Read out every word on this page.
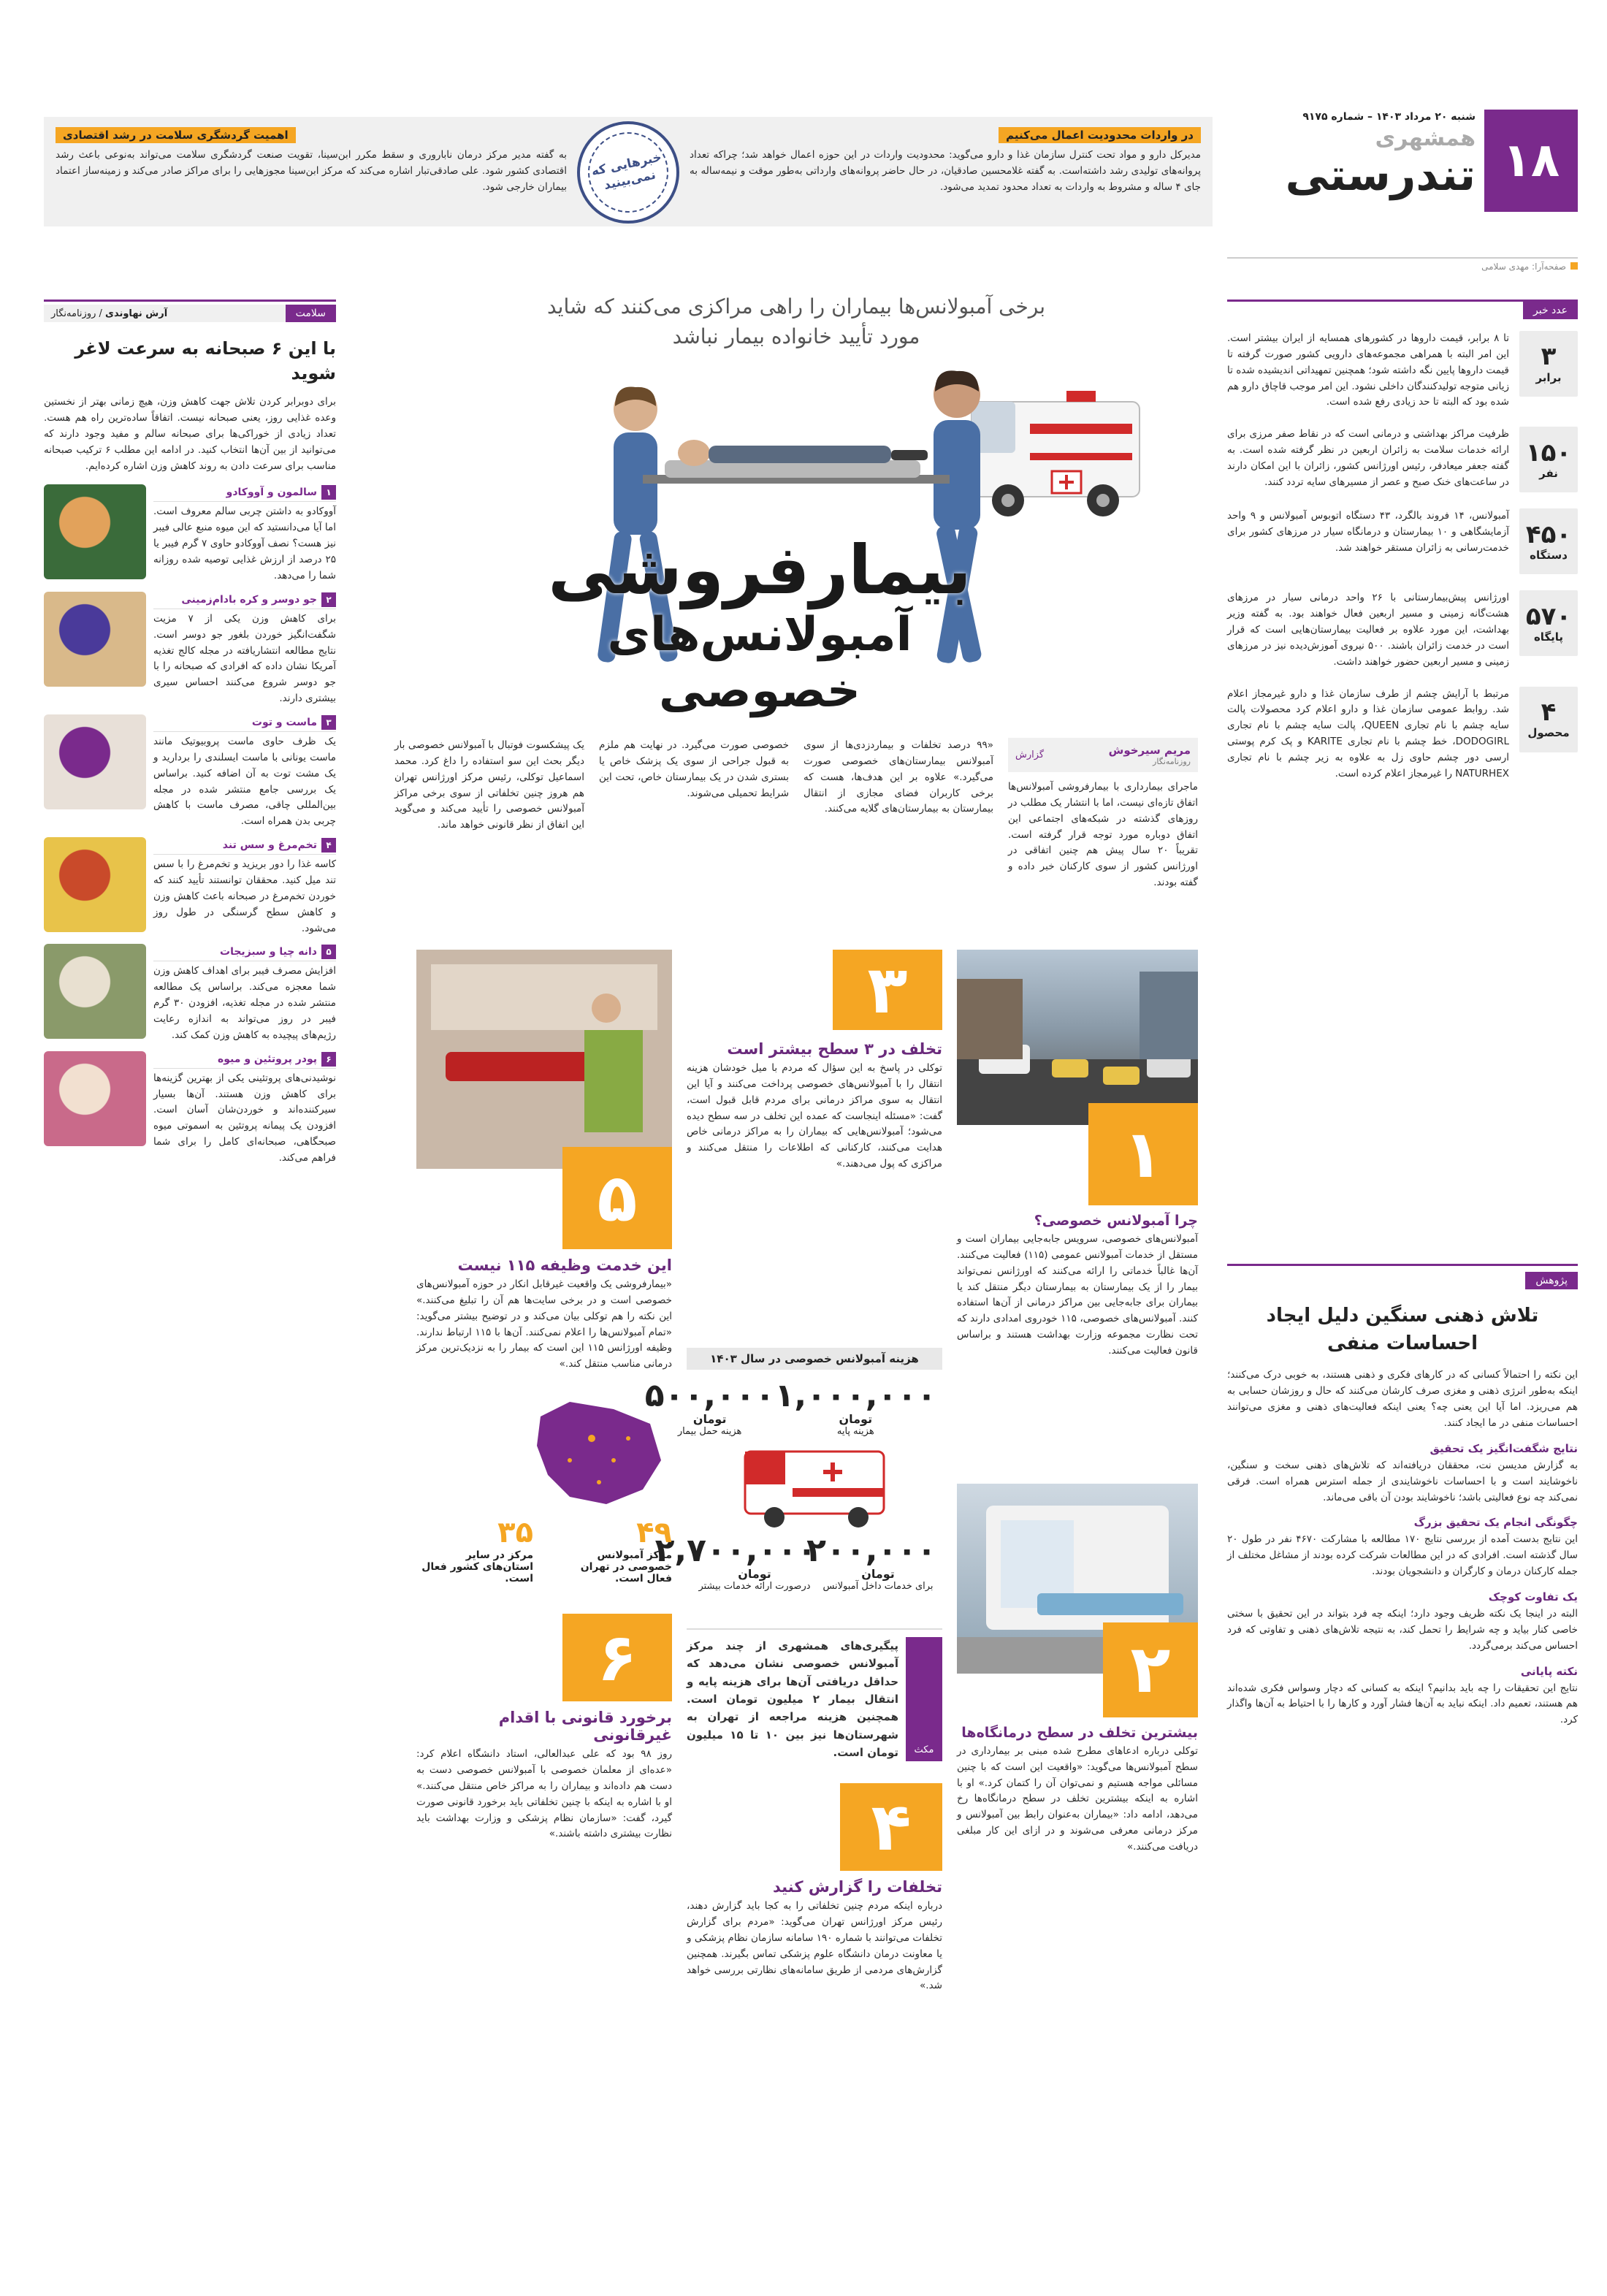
۱۸
شنبه ۲۰ مرداد ۱۴۰۳ – شماره ۹۱۷۵
همشهری
تندرستی
صفحه‌آرا: مهدی سلامی
در واردات محدودیت اعمال می‌کنیم

مدیرکل دارو و مواد تحت کنترل سازمان غذا و دارو می‌گوید: محدودیت واردات در این حوزه اعمال خواهد شد؛ چراکه تعداد پروانه‌های تولیدی رشد داشته‌است. به گفته غلامحسین صادقیان، در حال حاضر پروانه‌های وارداتی به‌طور موقت و نیمه‌ساله به جای ۴ ساله و مشروط به واردات به تعداد محدود تمدید می‌شود.

خبرهایی که نمی‌بینید
اهمیت گردشگری سلامت در رشد اقتصادی

به گفته مدیر مرکز درمان ناباروری و سقط مکرر ابن‌سینا، تقویت صنعت گردشگری سلامت می‌تواند به‌نوعی باعث رشد اقتصادی کشور شود. علی صادقی‌تبار اشاره می‌کند که مرکز ابن‌سینا مجوزهایی را برای مراکز صادر می‌کند و زمینه‌ساز اعتماد بیماران خارجی شود.

عدد خبر
۳
برابر

تا ۸ برابر، قیمت داروها در کشورهای همسایه از ایران بیشتر است. این امر البته با همراهی مجموعه‌های دارویی کشور صورت گرفته تا قیمت داروها پایین نگه داشته شود؛ همچنین تمهیداتی اندیشیده شده تا زیانی متوجه تولیدکنندگان داخلی نشود. این امر موجب قاچاق دارو هم شده بود که البته تا حد زیادی رفع شده است.

۱۵۰
نفر

ظرفیت مراکز بهداشتی و درمانی است که در نقاط صفر مرزی برای ارائه خدمات سلامت به زائران اربعین در نظر گرفته شده است. به گفته جعفر میعادفر، رئیس اورژانس کشور، زائران با این امکان دارند در ساعت‌های خنک صبح و عصر از مسیرهای سایه تردد کنند.

۴۵۰
دستگاه

آمبولانس، ۱۴ فروند بالگرد، ۴۳ دستگاه اتوبوس آمبولانس و ۹ واحد آزمایشگاهی و ۱۰ بیمارستان و درمانگاه سیار در مرزهای کشور برای خدمت‌رسانی به زائران مستقر خواهند شد.

۵۷۰
پایگاه

اورژانس پیش‌بیمارستانی با ۲۶ واحد درمانی سیار در مرزهای هشت‌گانه زمینی و مسیر اربعین فعال خواهند بود. به گفته وزیر بهداشت، این مورد علاوه بر فعالیت بیمارستان‌هایی است که قرار است در خدمت زائران باشند. ۵۰۰ نیروی آموزش‌دیده نیز در مرزهای زمینی و مسیر اربعین حضور خواهند داشت.

۴
محصول

مرتبط با آرایش چشم از طرف سازمان غذا و دارو غیرمجاز اعلام شد. روابط عمومی سازمان غذا و دارو اعلام کرد محصولات پالت سایه چشم با نام تجاری QUEEN، پالت سایه چشم با نام تجاری DODOGIRL، خط چشم با نام تجاری KARITE و پک کرم پوستی ارسی دور چشم حاوی زل به علاوه به زیر چشم با نام تجاری NATURHEX را غیرمجاز اعلام کرده است.

پژوهش
تلاش ذهنی سنگین دلیل ایجاد احساسات منفی

این نکته را احتمالاً کسانی که در کارهای فکری و ذهنی هستند، به خوبی درک می‌کنند؛ اینکه به‌طور انرژی ذهنی و مغزی صرف کارشان می‌کنند که حال و روزشان حسابی به هم می‌ریزد. اما آیا این یعنی چه؟ یعنی اینکه فعالیت‌های ذهنی و مغزی می‌توانند احساسات منفی در ما ایجاد کنند.

نتایج شگفت‌انگیز یک تحقیق

به گزارش مدیسن نت، محققان دریافته‌اند که تلاش‌های ذهنی سخت و سنگین، ناخوشایند است و با احساسات ناخوشایندی از جمله استرس همراه است. فرقی نمی‌کند چه نوع فعالیتی باشد؛ ناخوشایند بودن آن باقی می‌ماند.

چگونگی انجام یک تحقیق بزرگ

این نتایج بدست آمده از بررسی نتایج ۱۷۰ مطالعه با مشارکت ۴۶۷۰ نفر در طول ۲۰ سال گذشته است. افرادی که در این مطالعات شرکت کرده بودند از مشاغل مختلف از جمله کارکنان درمان و کارگران و دانشجویان بودند.

یک تفاوت کوچک

البته در اینجا یک نکته ظریف وجود دارد؛ اینکه چه فرد بتواند در این تحقیق با سختی خاصی کنار بیاید و چه شرایط را تحمل کند، به نتیجه تلاش‌های ذهنی و تفاوتی که فرد احساس می‌کند برمی‌گردد.

نکته پایانی

نتایج این تحقیقات را چه باید بدانیم؟ اینکه به کسانی که دچار وسواس فکری شده‌اند هم هستند، تعمیم داد. اینکه نباید به آن‌ها فشار آورد و کارها را با احتیاط به آن‌ها واگذار کرد.

برخی آمبولانس‌ها بیماران را راهی مراکزی می‌کنند که شاید مورد تأیید خانواده بیمار نباشد
بیمارفروشی
آمبولانس‌های خصوصی
مریم سیرخوش
روزنامه‌نگار
گزارش

ماجرای بیمارداری با بیمارفروشی آمبولانس‌ها اتفاق تازه‌ای نیست، اما با انتشار یک مطلب در روزهای گذشته در شبکه‌های اجتماعی این اتفاق دوباره مورد توجه قرار گرفته است. تقریباً ۲۰ سال پیش هم چنین اتفاقی در اورژانس کشور از سوی کارکنان خبر داده و گفته بودند.

«۹۹ درصد تخلفات و بیماردزدی‌ها از سوی آمبولانس بیمارستان‌های خصوصی صورت می‌گیرد.» علاوه بر این هدف‌ها، هست که برخی کاربران فضای مجازی از انتقال بیمارستان به بیمارستان‌های گلایه می‌کنند.

خصوصی صورت می‌گیرد. در نهایت هم ملزم به قبول جراحی از سوی یک پزشک خاص یا بستری شدن در یک بیمارستان خاص، تحت این شرایط تحمیلی می‌شوند.

یک پیشکسوت فوتبال با آمبولانس خصوصی بار دیگر بحث این سو استفاده را داغ کرد. محمد اسماعیل توکلی، رئیس مرکز اورژانس تهران هم هروز چنین تخلفاتی از سوی برخی مراکز آمبولانس خصوصی را تأیید می‌کند و می‌گوید این اتفاق از نظر قانونی خواهد ماند.

۱
چرا آمبولانس خصوصی؟

آمبولانس‌های خصوصی، سرویس جابه‌جایی بیماران است و مستقل از خدمات آمبولانس عمومی (۱۱۵) فعالیت می‌کنند. آن‌ها غالباً خدماتی را ارائه می‌کنند که اورژانس نمی‌تواند بیمار را از یک بیمارستان به بیمارستان دیگر منتقل کند یا بیماران برای جابه‌جایی بین مراکز درمانی از آن‌ها استفاده کنند. آمبولانس‌های خصوصی، ۱۱۵ خودروی امدادی دارند که تحت نظارت مجموعه وزارت بهداشت هستند و براساس قانون فعالیت می‌کنند.

۲
بیشترین تخلف در سطح درمانگاه‌ها

توکلی درباره ادعاهای مطرح شده مبنی بر بیمارداری در سطح آمبولانس‌ها می‌گوید: «واقعیت این است که با چنین مسائلی مواجه هستیم و نمی‌توان آن را کتمان کرد.» او با اشاره به اینکه بیشترین تخلف در سطح درمانگاه‌ها رخ می‌دهد، ادامه داد: «بیماران به‌عنوان رابط بین آمبولانس و مرکز درمانی معرفی می‌شوند و در ازای این کار مبلغی دریافت می‌کنند.»

۳
تخلف در ۳ سطح بیشتر است

توکلی در پاسخ به این سؤال که مردم با میل خودشان هزینه انتقال را با آمبولانس‌های خصوصی پرداخت می‌کنند و آیا این انتقال به سوی مراکز درمانی برای مردم قابل قبول است، گفت: «مسئله اینجاست که عمده این تخلف در سه سطح دیده می‌شود؛ آمبولانس‌هایی که بیماران را به مراکز درمانی خاص هدایت می‌کنند، کارکنانی که اطلاعات را منتقل می‌کنند و مراکزی که پول می‌دهند.»

هزینه آمبولانس خصوصی در سال ۱۴۰۳
۱,۰۰۰,۰۰۰ تومان
هزینه پایه
۵۰۰,۰۰۰ تومان
هزینه حمل بیمار
۲۰۰,۰۰۰ تومان
برای خدمات داخل آمبولانس
۲,۷۰۰,۰۰۰ تومان
درصورت ارائه خدمات بیشتر
مکث

پیگیری‌های همشهری از چند مرکز آمبولانس خصوصی نشان می‌دهد که حداقل دریافتی آن‌ها برای هزینه پایه و انتقال بیمار ۲ میلیون تومان است. همچنین هزینه مراجعه از تهران به شهرستان‌ها نیز بین ۱۰ تا ۱۵ میلیون تومان است.

۴
تخلفات را گزارش کنید

درباره اینکه مردم چنین تخلفاتی را به کجا باید گزارش دهند، رئیس مرکز اورژانس تهران می‌گوید: «مردم برای گزارش تخلفات می‌توانند با شماره ۱۹۰ سامانه سازمان نظام پزشکی و یا معاونت درمان دانشگاه علوم پزشکی تماس بگیرند. همچنین گزارش‌های مردمی از طریق سامانه‌های نظارتی بررسی خواهد شد.»

۵
این خدمت وظیفه ۱۱۵ نیست

«بیمارفروشی یک واقعیت غیرقابل انکار در حوزه آمبولانس‌های خصوصی است و در برخی سایت‌ها هم آن را تبلیغ می‌کنند.» این نکته را هم توکلی بیان می‌کند و در توضیح بیشتر می‌گوید: «تمام آمبولانس‌ها را اعلام نمی‌کنند. آن‌ها با ۱۱۵ ارتباط ندارند. وظیفه اورژانس ۱۱۵ این است که بیمار را به نزدیک‌ترین مرکز درمانی مناسب منتقل کند.»

۴۹
مرکز آمبولانس خصوصی در تهران فعال است.
۳۵
مرکز در سایر استان‌های کشور فعال است.
۶
برخورد قانونی با اقدام غیرقانونی

روز ۹۸ بود که علی عبدالعالی، استاد دانشگاه اعلام کرد: «عده‌ای از معلمان خصوصی با آمبولانس خصوصی دست به دست هم داده‌اند و بیماران را به مراکز خاص منتقل می‌کنند.» او با اشاره به اینکه با چنین تخلفاتی باید برخورد قانونی صورت گیرد، گفت: «سازمان نظام پزشکی و وزارت بهداشت باید نظارت بیشتری داشته باشند.»

سلامت
آرش نهاوندی / روزنامه‌نگار
با این ۶ صبحانه به سرعت لاغر شوید

برای دوبرابر کردن تلاش جهت کاهش وزن، هیچ زمانی بهتر از نخستین وعده غذایی روز، یعنی صبحانه نیست. اتفاقاً ساده‌ترین راه هم هست. تعداد زیادی از خوراکی‌ها برای صبحانه سالم و مفید وجود دارند که می‌توانید از بین آن‌ها انتخاب کنید. در ادامه این مطلب ۶ ترکیب صبحانه مناسب برای سرعت دادن به روند کاهش وزن اشاره کرده‌ایم.

۱
سالمون و آووکادو

آووکادو به داشتن چربی سالم معروف است. اما آیا می‌دانستید که این میوه منبع عالی فیبر نیز هست؟ نصف آووکادو حاوی ۷ گرم فیبر یا ۲۵ درصد از ارزش غذایی توصیه شده روزانه شما را می‌دهد.

۲
جو دوسر و کره بادام‌زمینی

برای کاهش وزن یکی از ۷ مزیت شگفت‌انگیز خوردن بلغور جو دوسر است. نتایج مطالعه انتشاریافته در مجله کالج تغذیه آمریکا نشان داده که افرادی که صبحانه را با جو دوسر شروع می‌کنند احساس سیری بیشتری دارند.

۳
ماست و توت

یک ظرف حاوی ماست پروبیوتیک مانند ماست یونانی با ماست ایسلندی را بردارید و یک مشت توت به آن اضافه کنید. براساس یک بررسی جامع منتشر شده در مجله بین‌المللی چاقی، مصرف ماست با کاهش چربی بدن همراه است.

۴
تخم‌مرغ و سس تند

کاسه غذا را دور بریزید و تخم‌مرغ را با سس تند میل کنید. محققان توانستند تأیید کنند که خوردن تخم‌مرغ در صبحانه باعث کاهش وزن و کاهش سطح گرسنگی در طول روز می‌شود.

۵
دانه چیا و سبزیجات

افزایش مصرف فیبر برای اهداف کاهش وزن شما معجزه می‌کند. براساس یک مطالعه منتشر شده در مجله تغذیه، افزودن ۳۰ گرم فیبر در روز می‌تواند به اندازه رعایت رژیم‌های پیچیده به کاهش وزن کمک کند.

۶
پودر پروتئین و میوه

نوشیدنی‌های پروتئینی یکی از بهترین گزینه‌ها برای کاهش وزن هستند. آن‌ها بسیار سیرکننده‌اند و خوردن‌شان آسان است. افزودن یک پیمانه پروتئین به اسموتی میوه صبحگاهی، صبحانه‌ای کامل را برای شما فراهم می‌کند.
